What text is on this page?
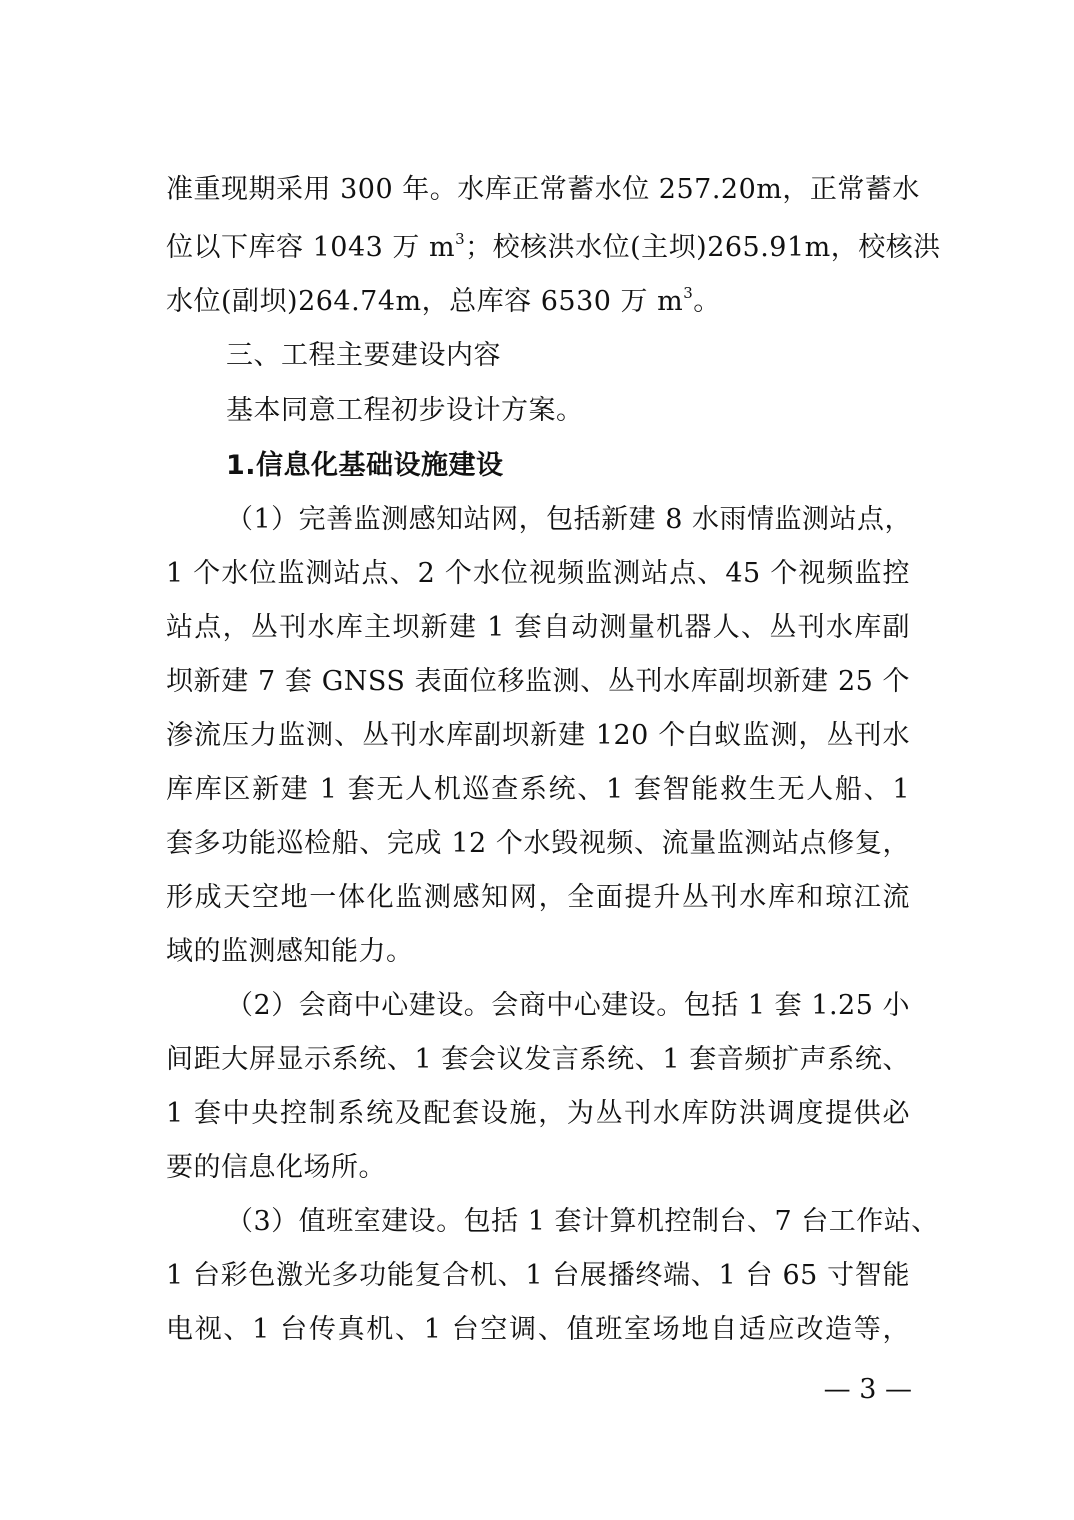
准重现期采用 300 年。水库正常蓄水位 257.20m，正常蓄水
位以下库容 1043 万 $m^3$；校核洪水位(主坝)265.91m，校核洪
水位(副坝)264.74m，总库容 6530 万 $m^3$。
三、工程主要建设内容
基本同意工程初步设计方案。
1.信息化基础设施建设
（1）完善监测感知站网，包括新建 8 水雨情监测站点，
1 个水位监测站点、2 个水位视频监测站点、45 个视频监控
站点，丛刊水库主坝新建 1 套自动测量机器人、丛刊水库副
坝新建 7 套 GNSS 表面位移监测、丛刊水库副坝新建 25 个
渗流压力监测、丛刊水库副坝新建 120 个白蚁监测，丛刊水
库库区新建 1 套无人机巡查系统、1 套智能救生无人船、1
套多功能巡检船、完成 12 个水毁视频、流量监测站点修复，
形成天空地一体化监测感知网，全面提升丛刊水库和琼江流
域的监测感知能力。
（2）会商中心建设。会商中心建设。包括 1 套 1.25 小
间距大屏显示系统、1 套会议发言系统、1 套音频扩声系统、
1 套中央控制系统及配套设施，为丛刊水库防洪调度提供必
要的信息化场所。
（3）值班室建设。包括 1 套计算机控制台、7 台工作站、
1 台彩色激光多功能复合机、1 台展播终端、1 台 65 寸智能
电视、1 台传真机、1 台空调、值班室场地自适应改造等，
— 3 —
